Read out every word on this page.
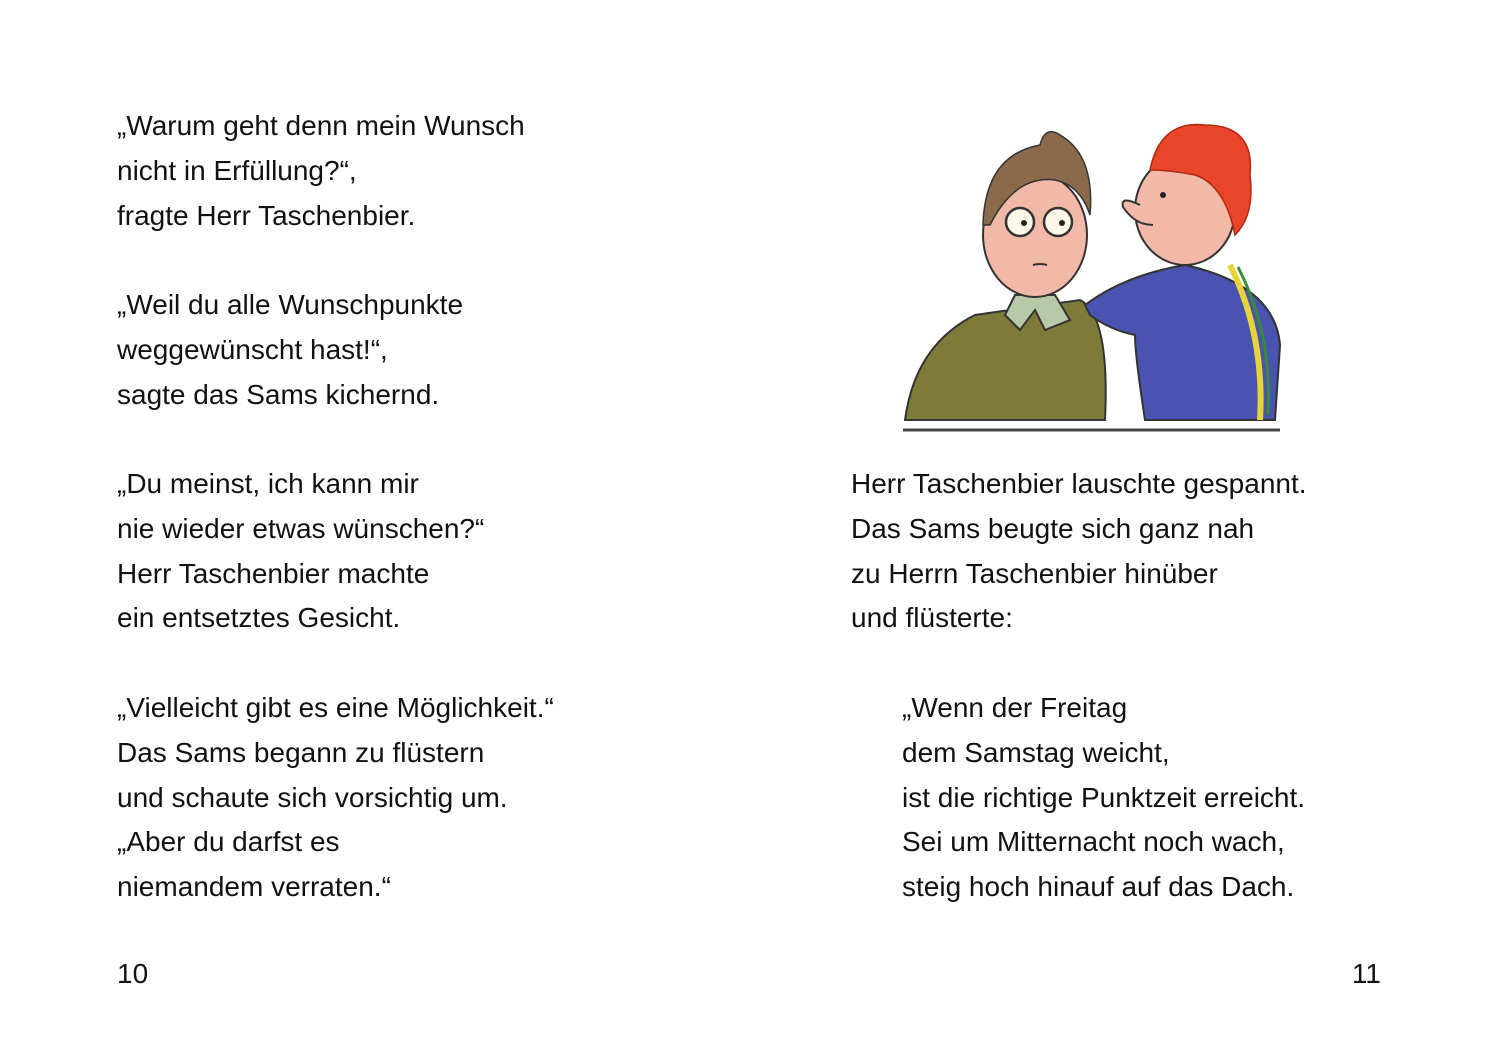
„Warum geht denn mein Wunsch
nicht in Erfüllung?“,
fragte Herr Taschenbier.
„Weil du alle Wunschpunkte
weggewünscht hast!“,
sagte das Sams kichernd.
„Du meinst, ich kann mir
nie wieder etwas wünschen?“
Herr Taschenbier machte
ein entsetztes Gesicht.
„Vielleicht gibt es eine Möglichkeit.“
Das Sams begann zu flüstern
und schaute sich vorsichtig um.
„Aber du darfst es
niemandem verraten.“
10
Herr Taschenbier lauschte gespannt.
Das Sams beugte sich ganz nah
zu Herrn Taschenbier hinüber
und flüsterte:
„Wenn der Freitag
dem Samstag weicht,
ist die richtige Punktzeit erreicht.
Sei um Mitternacht noch wach,
steig hoch hinauf auf das Dach.
11
